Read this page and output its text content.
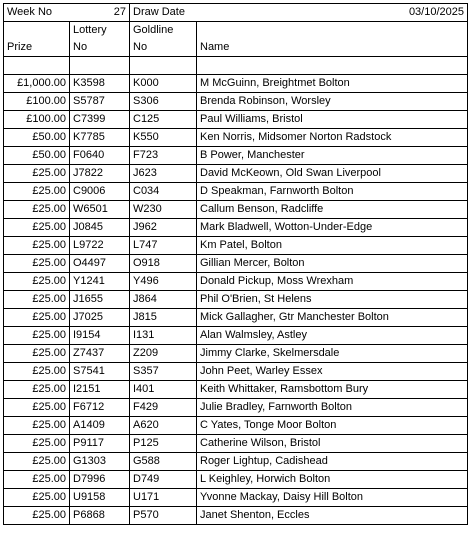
Week No	27	Draw Date	03/10/2025
	Lottery	Goldline	
Prize	No	No	Name

£1,000.00	K3598	K000	M McGuinn, Breightmet Bolton
£100.00	S5787	S306	Brenda Robinson, Worsley
£100.00	C7399	C125	Paul Williams, Bristol
£50.00	K7785	K550	Ken Norris, Midsomer Norton Radstock
£50.00	F0640	F723	B Power, Manchester
£25.00	J7822	J623	David McKeown, Old Swan Liverpool
£25.00	C9006	C034	D Speakman, Farnworth Bolton
£25.00	W6501	W230	Callum Benson, Radcliffe
£25.00	J0845	J962	Mark Bladwell, Wotton-Under-Edge
£25.00	L9722	L747	Km Patel, Bolton
£25.00	O4497	O918	Gillian Mercer, Bolton
£25.00	Y1241	Y496	Donald Pickup, Moss Wrexham
£25.00	J1655	J864	Phil O'Brien, St Helens
£25.00	J7025	J815	Mick Gallagher, Gtr Manchester Bolton
£25.00	I9154	I131	Alan Walmsley, Astley
£25.00	Z7437	Z209	Jimmy Clarke, Skelmersdale
£25.00	S7541	S357	John Peet, Warley Essex
£25.00	I2151	I401	Keith Whittaker, Ramsbottom Bury
£25.00	F6712	F429	Julie Bradley, Farnworth Bolton
£25.00	A1409	A620	C Yates, Tonge Moor Bolton
£25.00	P9117	P125	Catherine Wilson, Bristol
£25.00	G1303	G588	Roger Lightup, Cadishead
£25.00	D7996	D749	L Keighley, Horwich Bolton
£25.00	U9158	U171	Yvonne Mackay, Daisy Hill Bolton
£25.00	P6868	P570	Janet Shenton, Eccles
